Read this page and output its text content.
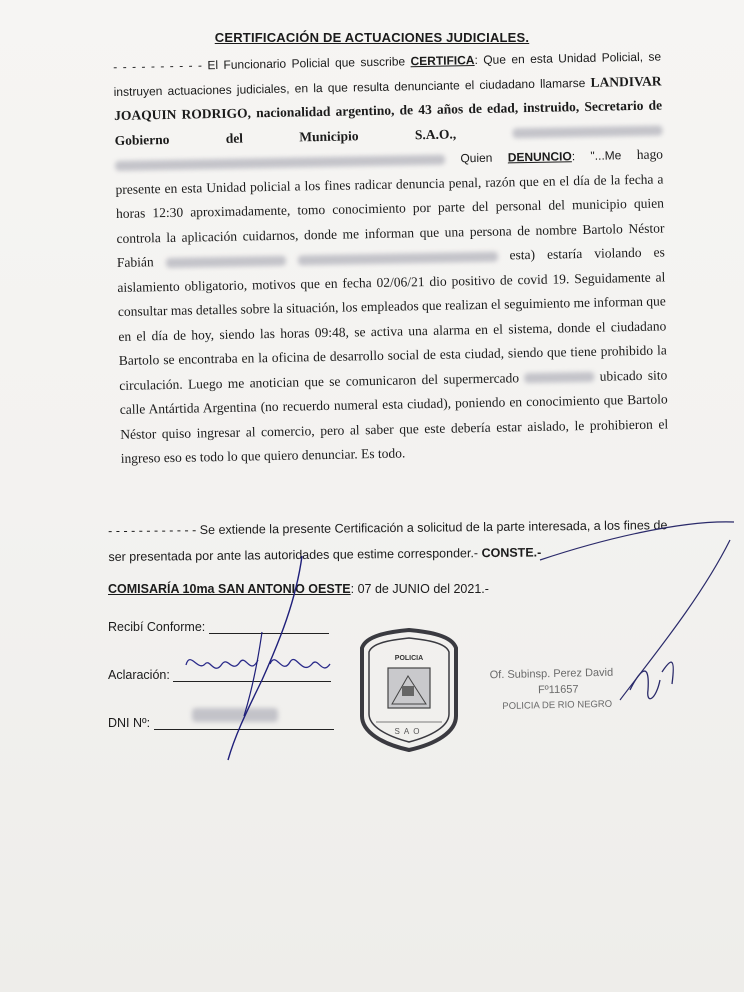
CERTIFICACIÓN DE ACTUACIONES JUDICIALES.

- - - - - - - - - - El Funcionario Policial que suscribe CERTIFICA: Que en esta Unidad Policial, se instruyen actuaciones judiciales, en la que resulta denunciante el ciudadano llamarse LANDIVAR JOAQUIN RODRIGO, nacionalidad argentino, de 43 años de edad, instruido, Secretario de Gobierno del Municipio S.A.O.,   Quien DENUNCIO: "...Me hago presente en esta Unidad policial a los fines radicar denuncia penal, razón que en el día de la fecha a horas 12:30 aproximadamente, tomo conocimiento por parte del personal del municipio quien controla la aplicación cuidarnos, donde me informan que una persona de nombre Bartolo Néstor Fabián	esta) estaría violando es aislamiento obligatorio, motivos que en fecha 02/06/21 dio positivo de covid 19. Seguidamente al consultar mas detalles sobre la situación, los empleados que realizan el seguimiento me informan que en el día de hoy, siendo las horas 09:48, se activa una alarma en el sistema, donde el ciudadano Bartolo se encontraba en la oficina de desarrollo social de esta ciudad, siendo que tiene prohibido la circulación. Luego me anotician que se comunicaron del supermercado	ubicado sito calle Antártida Argentina (no recuerdo numeral esta ciudad), poniendo en conocimiento que Bartolo Néstor quiso ingresar al comercio, pero al saber que este debería estar aislado, le prohibieron el ingreso eso es todo lo que quiero denunciar. Es todo.

- - - - - - - - - - - - Se extiende la presente Certificación a solicitud de la parte interesada, a los fines de ser presentada por ante las autoridades que estime corresponder.- CONSTE.-

COMISARÍA 10ma SAN ANTONIO OESTE: 07 de JUNIO del 2021.-
Recibí Conforme:
Aclaración:
DNI Nº:
POLICIA
SAO
Of. Subinsp. Perez David
Fº11657
POLICIA DE RIO NEGRO
